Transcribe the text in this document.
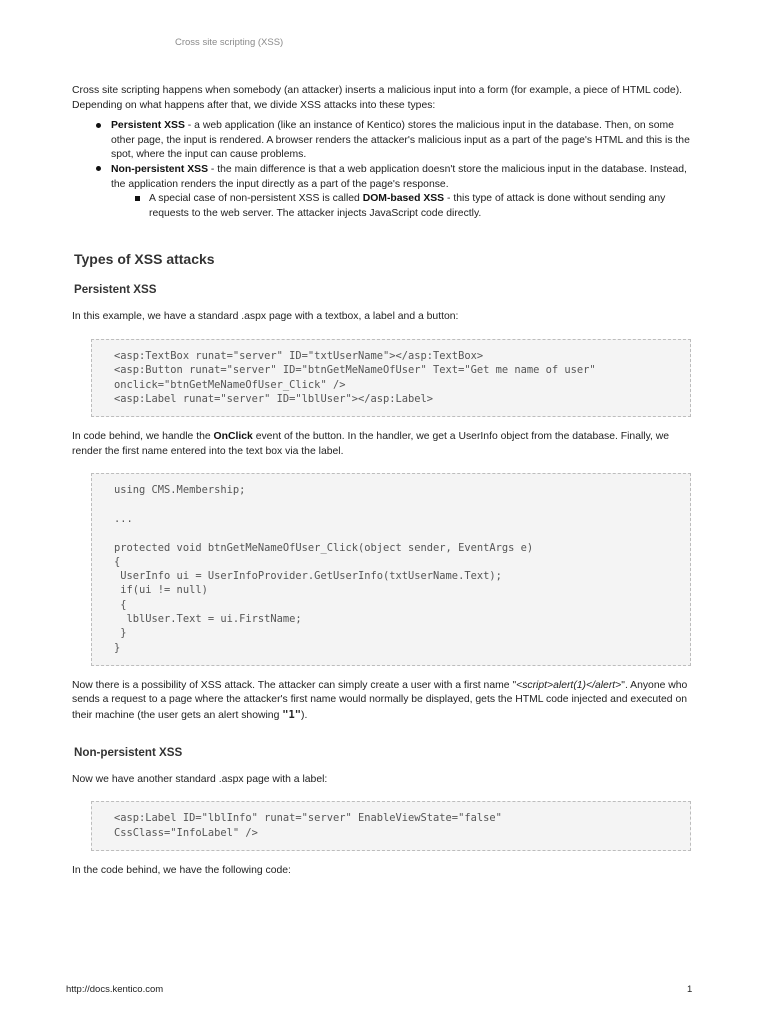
Cross site scripting (XSS)

Cross site scripting happens when somebody (an attacker) inserts a malicious input into a form (for example, a piece of HTML code). Depending on what happens after that, we divide XSS attacks into these types:

Persistent XSS - a web application (like an instance of Kentico) stores the malicious input in the database. Then, on some other page, the input is rendered. A browser renders the attacker's malicious input as a part of the page's HTML and this is the spot, where the input can cause problems.
Non-persistent XSS - the main difference is that a web application doesn't store the malicious input in the database. Instead, the application renders the input directly as a part of the page's response.
A special case of non-persistent XSS is called DOM-based XSS - this type of attack is done without sending any requests to the web server. The attacker injects JavaScript code directly.
Types of XSS attacks
Persistent XSS

In this example, we have a standard .aspx page with a textbox, a label and a button:

<asp:TextBox runat="server" ID="txtUserName"></asp:TextBox>
<asp:Button runat="server" ID="btnGetMeNameOfUser" Text="Get me name of user"
onclick="btnGetMeNameOfUser_Click" />
<asp:Label runat="server" ID="lblUser"></asp:Label>

In code behind, we handle the OnClick event of the button. In the handler, we get a UserInfo object from the database. Finally, we render the first name entered into the text box via the label.

using CMS.Membership;
...
protected void btnGetMeNameOfUser_Click(object sender, EventArgs e)
{
UserInfo ui = UserInfoProvider.GetUserInfo(txtUserName.Text);
if(ui != null)
{
lblUser.Text = ui.FirstName;
}
}

Now there is a possibility of XSS attack. The attacker can simply create a user with a first name "<script>alert(1)</alert>". Anyone who sends a request to a page where the attacker's first name would normally be displayed, gets the HTML code injected and executed on their machine (the user gets an alert showing "1").

Non-persistent XSS

Now we have another standard .aspx page with a label:

<asp:Label ID="lblInfo" runat="server" EnableViewState="false"
CssClass="InfoLabel" />

In the code behind, we have the following code:

http://docs.kentico.com	1
